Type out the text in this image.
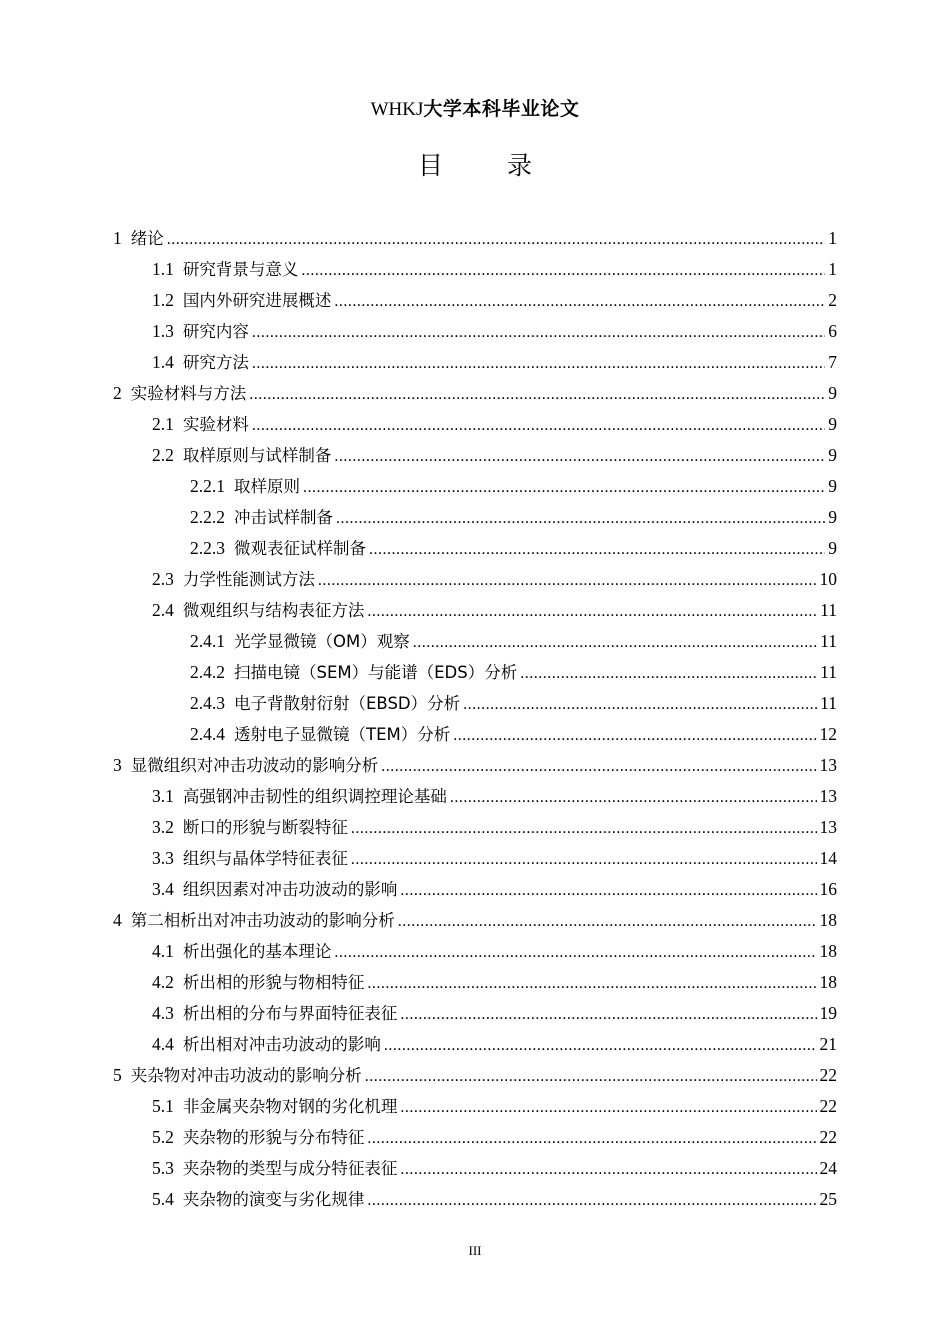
WHKJ大学本科毕业论文
目 录
1 绪论 .....	1
1.1 研究背景与意义 .....	1
1.2 国内外研究进展概述 .....	2
1.3 研究内容 .....	6
1.4 研究方法 .....	7
2 实验材料与方法 .....	9
2.1 实验材料 .....	9
2.2 取样原则与试样制备 .....	9
2.2.1 取样原则 .....	9
2.2.2 冲击试样制备 .....	9
2.2.3 微观表征试样制备 .....	9
2.3 力学性能测试方法 .....	10
2.4 微观组织与结构表征方法 .....	11
2.4.1 光学显微镜（OM）观察 .....	11
2.4.2 扫描电镜（SEM）与能谱（EDS）分析 .....	11
2.4.3 电子背散射衍射（EBSD）分析 .....	11
2.4.4 透射电子显微镜（TEM）分析 .....	12
3 显微组织对冲击功波动的影响分析 .....	13
3.1 高强钢冲击韧性的组织调控理论基础 .....	13
3.2 断口的形貌与断裂特征 .....	13
3.3 组织与晶体学特征表征 .....	14
3.4 组织因素对冲击功波动的影响 .....	16
4 第二相析出对冲击功波动的影响分析 .....	18
4.1 析出强化的基本理论 .....	18
4.2 析出相的形貌与物相特征 .....	18
4.3 析出相的分布与界面特征表征 .....	19
4.4 析出相对冲击功波动的影响 .....	21
5 夹杂物对冲击功波动的影响分析 .....	22
5.1 非金属夹杂物对钢的劣化机理 .....	22
5.2 夹杂物的形貌与分布特征 .....	22
5.3 夹杂物的类型与成分特征表征 .....	24
5.4 夹杂物的演变与劣化规律 .....	25
III
